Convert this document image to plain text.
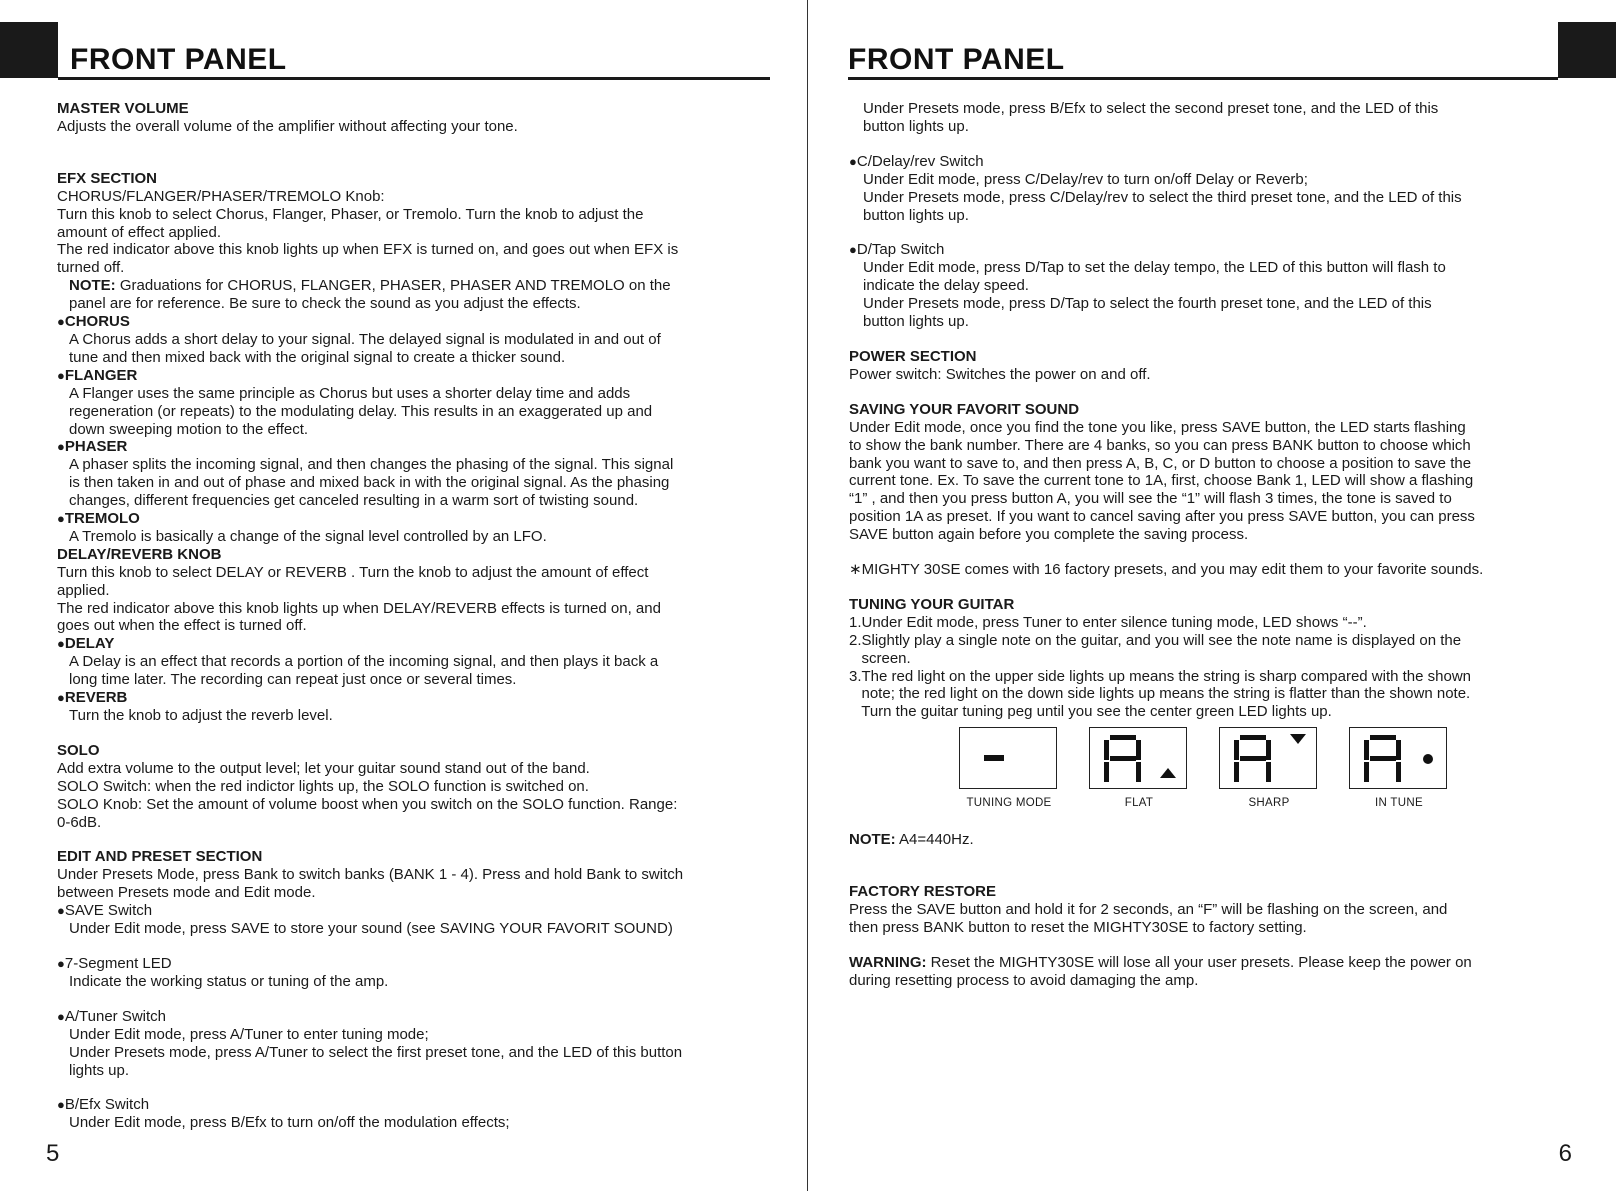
FRONT PANEL

MASTER VOLUME

Adjusts the overall volume of the amplifier without affecting your tone.

EFX SECTION

CHORUS/FLANGER/PHASER/TREMOLO Knob:

Turn this knob to select Chorus, Flanger, Phaser, or Tremolo. Turn the knob to adjust the

amount of effect applied.

The red indicator above this knob lights up when EFX is turned on, and goes out when EFX is

turned off.

NOTE: Graduations for CHORUS, FLANGER, PHASER, PHASER AND TREMOLO on the

panel are for reference. Be sure to check the sound as you adjust the effects.

● CHORUS

A Chorus adds a short delay to your signal. The delayed signal is modulated in and out of

tune and then mixed back with the original signal to create a thicker sound.

● FLANGER

A Flanger uses the same principle as Chorus but uses a shorter delay time and adds

regeneration (or repeats) to the modulating delay. This results in an exaggerated up and

down sweeping motion to the effect.

● PHASER

A phaser splits the incoming signal, and then changes the phasing of the signal. This signal

is then taken in and out of phase and mixed back in with the original signal. As the phasing

changes, different frequencies get canceled resulting in a warm sort of twisting sound.

● TREMOLO

A Tremolo is basically a change of the signal level controlled by an LFO.

DELAY/REVERB KNOB

Turn this knob to select DELAY or REVERB . Turn the knob to adjust the amount of effect

applied.

The red indicator above this knob lights up when DELAY/REVERB effects is turned on, and

goes out when the effect is turned off.

● DELAY

A Delay is an effect that records a portion of the incoming signal, and then plays it back a

long time later. The recording can repeat just once or several times.

● REVERB

Turn the knob to adjust the reverb level.

SOLO

Add extra volume to the output level; let your guitar sound stand out of the band.

SOLO Switch: when the red indictor lights up, the SOLO function is switched on.

SOLO Knob: Set the amount of volume boost when you switch on the SOLO function. Range:

0-6dB.

EDIT AND PRESET SECTION

Under Presets Mode, press Bank to switch banks (BANK 1 - 4). Press and hold Bank to switch

between Presets mode and Edit mode.

● SAVE Switch

Under Edit mode, press SAVE to store your sound (see SAVING YOUR FAVORIT SOUND)

● 7-Segment LED

Indicate the working status or tuning of the amp.

● A/Tuner Switch

Under Edit mode, press A/Tuner to enter tuning mode;

Under Presets mode, press A/Tuner to select the first preset tone, and the LED of this button

lights up.

● B/Efx Switch

Under Edit mode, press B/Efx to turn on/off the modulation effects;

5
FRONT PANEL

Under Presets mode, press B/Efx to select the second preset tone, and the LED of this

button lights up.

● C/Delay/rev Switch

Under Edit mode, press C/Delay/rev to turn on/off Delay or Reverb;

Under Presets mode, press C/Delay/rev to select the third preset tone, and the LED of this

button lights up.

● D/Tap Switch

Under Edit mode, press D/Tap to set the delay tempo, the LED of this button will flash to

indicate the delay speed.

Under Presets mode, press D/Tap to select the fourth preset tone, and the LED of this

button lights up.

POWER SECTION

Power switch: Switches the power on and off.

SAVING YOUR FAVORIT SOUND

Under Edit mode, once you find the tone you like, press SAVE button, the LED starts flashing

to show the bank number. There are 4 banks, so you can press BANK button to choose which

bank you want to save to, and then press A, B, C, or D button to choose a position to save the

current tone. Ex. To save the current tone to 1A, first, choose Bank 1, LED will show a flashing

“1” , and then you press button A, you will see the “1” will flash 3 times, the tone is saved to

position 1A as preset. If you want to cancel saving after you press SAVE button, you can press

SAVE button again before you complete the saving process.

∗MIGHTY 30SE comes with 16 factory presets, and you may edit them to your favorite sounds.

TUNING YOUR GUITAR

1.Under Edit mode, press Tuner to enter silence tuning mode, LED shows “--”.

2.Slightly play a single note on the guitar, and you will see the note name is displayed on the

screen.

3.The red light on the upper side lights up means the string is sharp compared with the shown

note; the red light on the down side lights up means the string is flatter than the shown note.

Turn the guitar tuning peg until you see the center green LED lights up.

TUNING MODE
A
FLAT	SHARP	IN TUNE

NOTE: A4=440Hz.

FACTORY RESTORE

Press the SAVE button and hold it for 2 seconds, an “F” will be flashing on the screen, and

then press BANK button to reset the MIGHTY30SE to factory setting.

WARNING: Reset the MIGHTY30SE will lose all your user presets. Please keep the power on

during resetting process to avoid damaging the amp.

6
